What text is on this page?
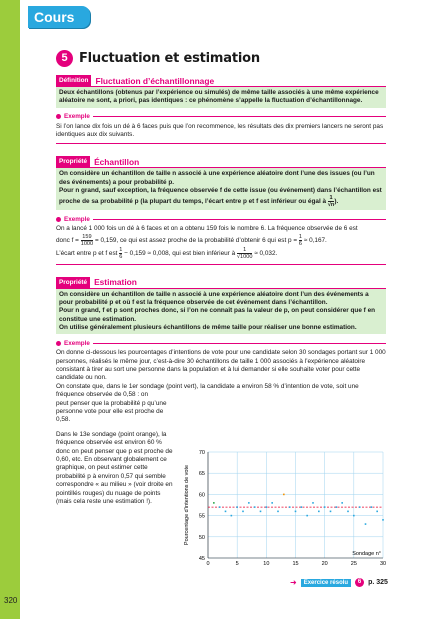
Cours
320
5 Fluctuation et estimation
Définition Fluctuation d’échantillonnage
Deux échantillons (obtenus par l’expérience ou simulés) de même taille associés à une même expérience aléatoire ne sont, a priori, pas identiques : ce phénomène s’appelle la fluctuation d’échantillonnage.
Exemple
Si l’on lance dix fois un dé à 6 faces puis que l’on recommence, les résultats des dix premiers lancers ne seront pas identiques aux dix suivants.
Propriété Échantillon
On considère un échantillon de taille n associé à une expérience aléatoire dont l’une des issues (ou l’un des événements) a pour probabilité p.
Pour n grand, sauf exception, la fréquence observée f de cette issue (ou événement) dans l’échantillon est proche de sa probabilité p (la plupart du temps, l’écart entre p et f est inférieur ou égal à $\frac{1}{√n}$ ).
Exemple
On a lancé 1 000 fois un dé à 6 faces et on a obtenu 159 fois le nombre 6. La fréquence observée de 6 est
donc $f = \frac{159}{1000} = 0,159$, ce qui est assez proche de la probabilité d’obtenir 6 qui est $p = \frac{1}{6} \approx 0,167$.
L’écart entre p et f est $\frac{1}{6} - 0,159 \approx 0,008$, qui est bien inférieur à $\frac{1}{√1000} \approx 0,032$.
Propriété Estimation
On considère un échantillon de taille n associé à une expérience aléatoire dont l’un des événements a pour probabilité p et où f est la fréquence observée de cet événement dans l’échantillon.
Pour n grand, f et p sont proches donc, si l’on ne connaît pas la valeur de p, on peut considérer que f en constitue une estimation.
On utilise généralement plusieurs échantillons de même taille pour réaliser une bonne estimation.
Exemple
On donne ci-dessous les pourcentages d’intentions de vote pour une candidate selon 30 sondages portant sur 1 000 personnes, réalisés le même jour, c’est-à-dire 30 échantillons de taille 1 000 associés à l’expérience aléatoire consistant à tirer au sort une personne dans la population et à lui demander si elle souhaite voter pour cette candidate ou non.
On constate que, dans le 1er sondage (point vert), la candidate a environ 58 % d’intention de vote, soit une fréquence observée de 0,58 : on
peut penser que la probabilité p qu’une personne vote pour elle est proche de 0,58.
Dans le 13e sondage (point orange), la fréquence observée est environ 60 % donc on peut penser que p est proche de 0,60, etc. En observant globalement ce graphique, on peut estimer cette probabilité p à environ 0,57 qui semble correspondre « au milieu » (voir droite en pointillés rouges) du nuage de points (mais cela reste une estimation !).
0	5	10	15	20	25	30
45
50
55
60
65
70
Sondage n°
Pourcentage d’intentions de vote
➜	Exercice résolu	6 p. 325
